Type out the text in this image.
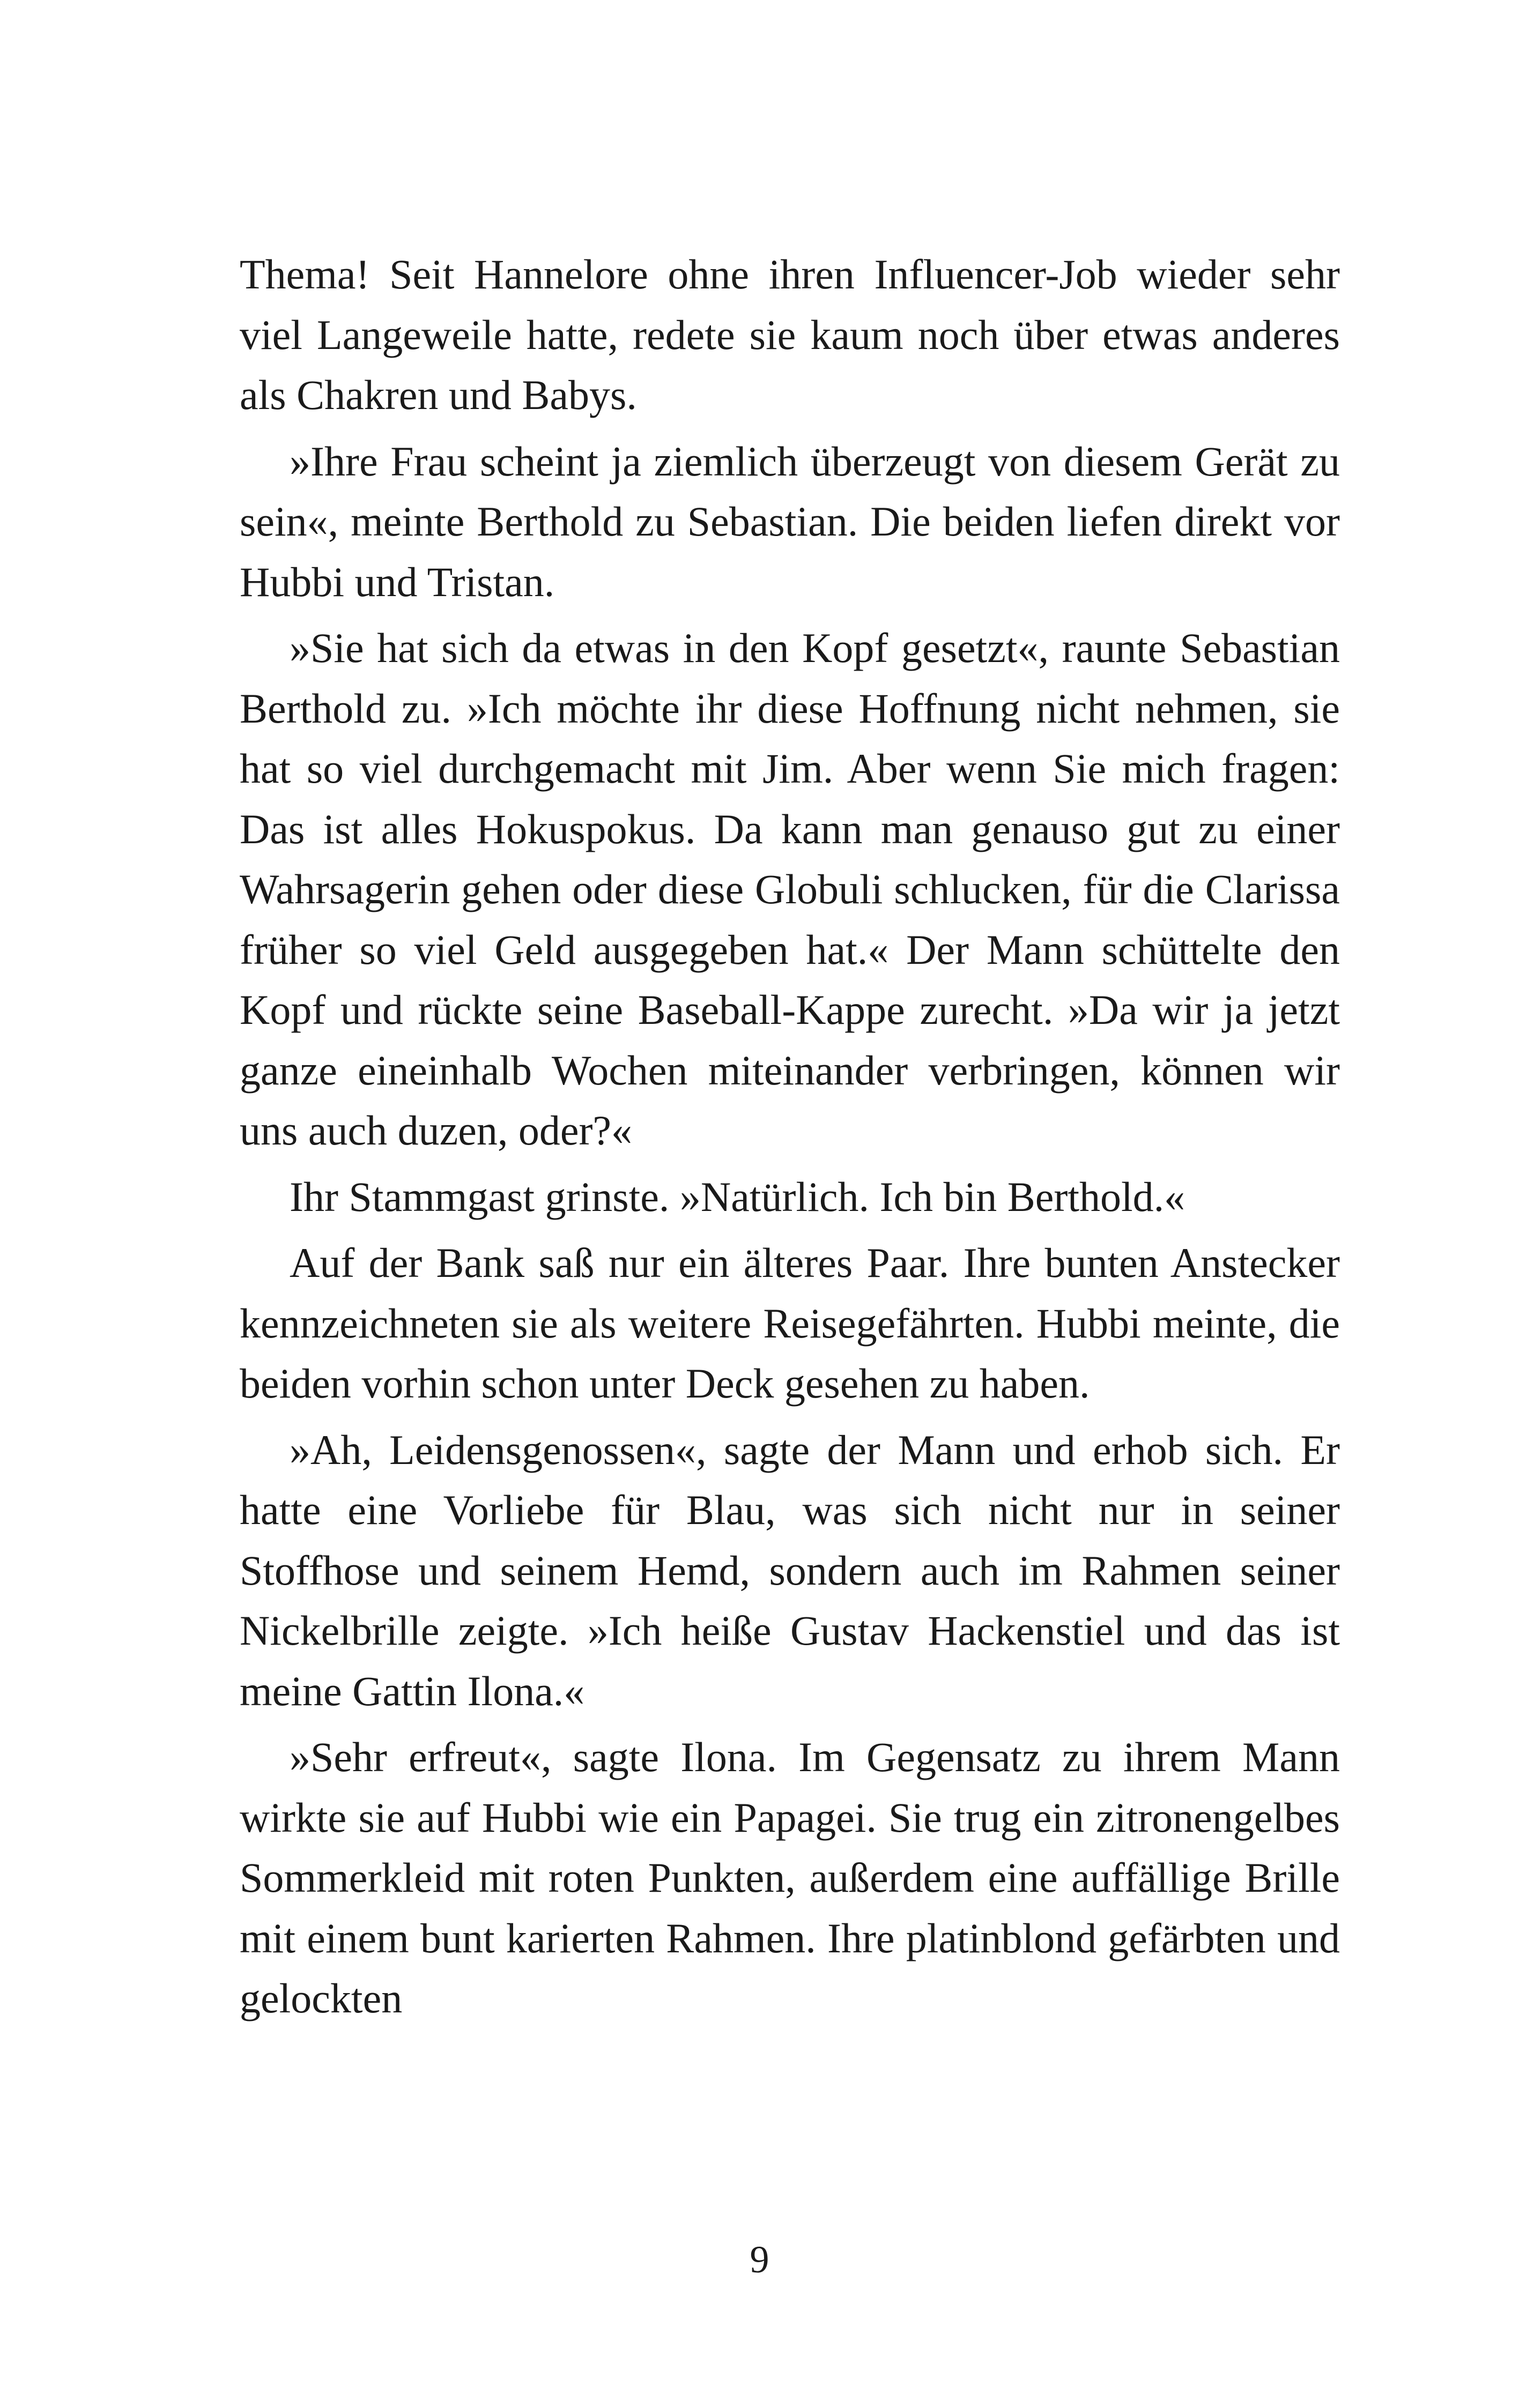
Thema! Seit Hannelore ohne ihren Influencer-Job wieder sehr viel Langeweile hatte, redete sie kaum noch über etwas anderes als Chakren und Babys.

»Ihre Frau scheint ja ziemlich überzeugt von diesem Gerät zu sein«, meinte Berthold zu Sebastian. Die beiden liefen direkt vor Hubbi und Tristan.

»Sie hat sich da etwas in den Kopf gesetzt«, raunte Sebastian Berthold zu. »Ich möchte ihr diese Hoffnung nicht nehmen, sie hat so viel durchgemacht mit Jim. Aber wenn Sie mich fragen: Das ist alles Hokuspokus. Da kann man genauso gut zu einer Wahrsagerin gehen oder diese Globuli schlucken, für die Clarissa früher so viel Geld ausgegeben hat.« Der Mann schüttelte den Kopf und rückte seine Baseball-Kappe zurecht. »Da wir ja jetzt ganze eineinhalb Wochen miteinander verbringen, können wir uns auch duzen, oder?«

Ihr Stammgast grinste. »Natürlich. Ich bin Berthold.«

Auf der Bank saß nur ein älteres Paar. Ihre bunten Anstecker kennzeichneten sie als weitere Reisegefährten. Hubbi meinte, die beiden vorhin schon unter Deck gesehen zu haben.

»Ah, Leidensgenossen«, sagte der Mann und erhob sich. Er hatte eine Vorliebe für Blau, was sich nicht nur in seiner Stoffhose und seinem Hemd, sondern auch im Rahmen seiner Nickelbrille zeigte. »Ich heiße Gustav Hackenstiel und das ist meine Gattin Ilona.«

»Sehr erfreut«, sagte Ilona. Im Gegensatz zu ihrem Mann wirkte sie auf Hubbi wie ein Papagei. Sie trug ein zitronengelbes Sommerkleid mit roten Punkten, außerdem eine auffällige Brille mit einem bunt karierten Rahmen. Ihre platinblond gefärbten und gelockten

9
